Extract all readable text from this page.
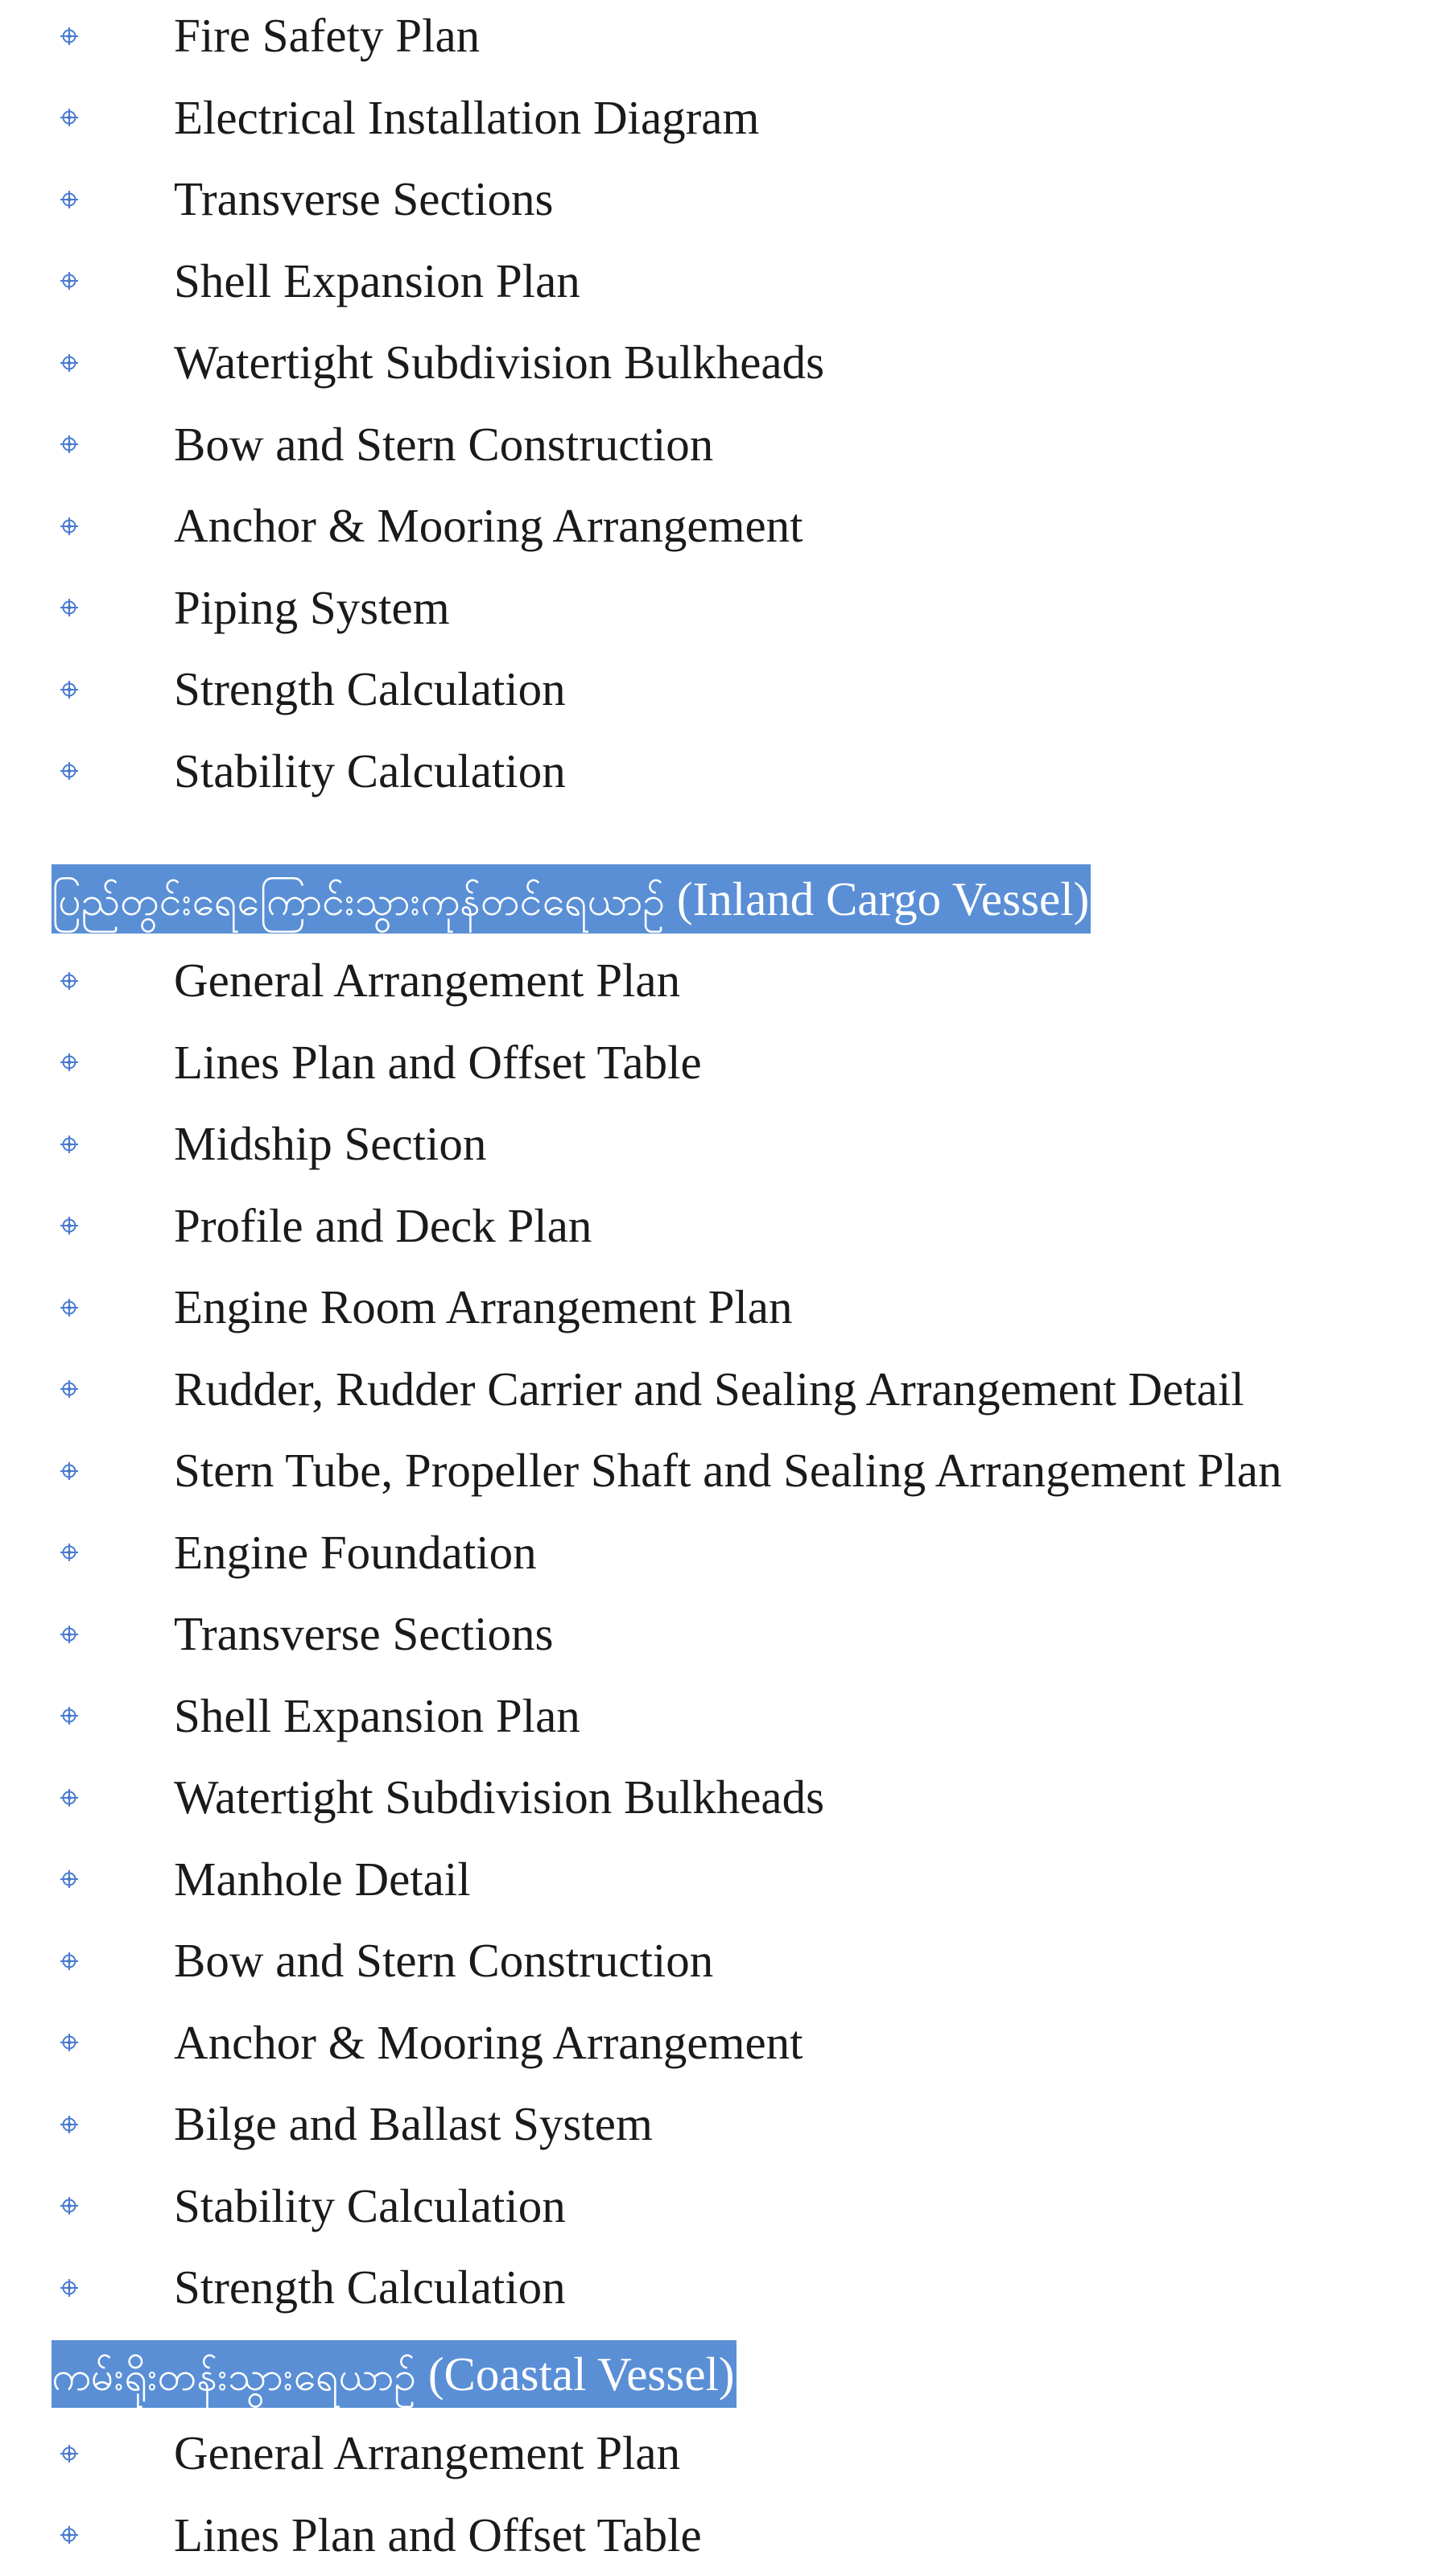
Fire Safety Plan
Electrical Installation Diagram
Transverse Sections
Shell Expansion Plan
Watertight Subdivision Bulkheads
Bow and Stern Construction
Anchor & Mooring Arrangement
Piping System
Strength Calculation
Stability Calculation
ပြည်တွင်းရေကြောင်းသွားကုန်တင်ရေယာဉ် (Inland Cargo Vessel)
General Arrangement Plan
Lines Plan and Offset Table
Midship Section
Profile and Deck Plan
Engine Room Arrangement Plan
Rudder, Rudder Carrier and Sealing Arrangement Detail
Stern Tube, Propeller Shaft and Sealing Arrangement Plan
Engine Foundation
Transverse Sections
Shell Expansion Plan
Watertight Subdivision Bulkheads
Manhole Detail
Bow and Stern Construction
Anchor & Mooring Arrangement
Bilge and Ballast System
Stability Calculation
Strength Calculation
ကမ်းရိုးတန်းသွားရေယာဉ် (Coastal Vessel)
General Arrangement Plan
Lines Plan and Offset Table
